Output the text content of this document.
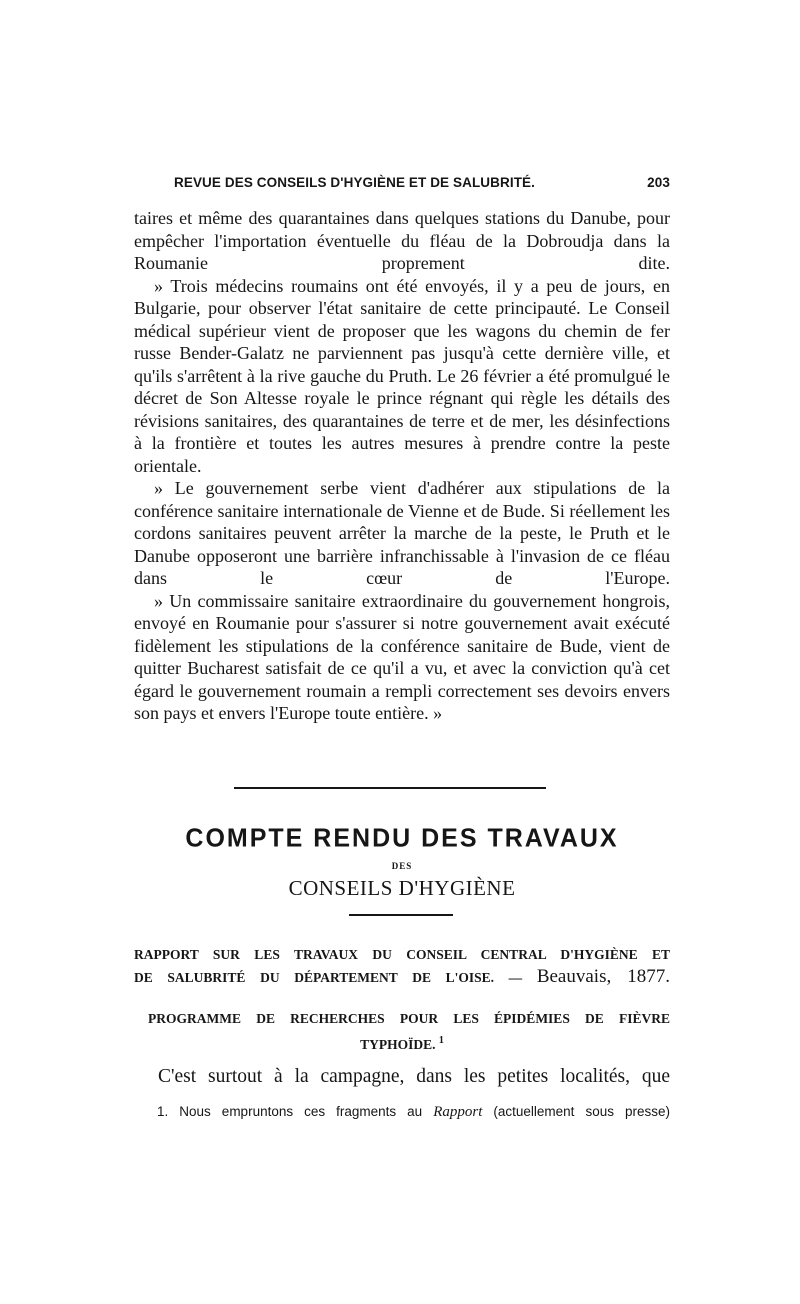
REVUE DES CONSEILS D'HYGIÈNE ET DE SALUBRITÉ.	203

taires et même des quarantaines dans quelques stations du Danube, pour empêcher l'importation éventuelle du fléau de la Dobroudja dans la Roumanie proprement dite.

» Trois médecins roumains ont été envoyés, il y a peu de jours, en Bulgarie, pour observer l'état sanitaire de cette principauté. Le Conseil médical supérieur vient de proposer que les wagons du chemin de fer russe Bender-Galatz ne parviennent pas jusqu'à cette dernière ville, et qu'ils s'arrêtent à la rive gauche du Pruth. Le 26 février a été promulgué le décret de Son Altesse royale le prince régnant qui règle les détails des révisions sanitaires, des quarantaines de terre et de mer, les désinfections à la frontière et toutes les autres mesures à prendre contre la peste orientale.

» Le gouvernement serbe vient d'adhérer aux stipulations de la conférence sanitaire internationale de Vienne et de Bude. Si réellement les cordons sanitaires peuvent arrêter la marche de la peste, le Pruth et le Danube opposeront une barrière infranchissable à l'invasion de ce fléau dans le cœur de l'Europe.

» Un commissaire sanitaire extraordinaire du gouvernement hongrois, envoyé en Roumanie pour s'assurer si notre gouvernement avait exécuté fidèlement les stipulations de la conférence sanitaire de Bude, vient de quitter Bucharest satisfait de ce qu'il a vu, et avec la conviction qu'à cet égard le gouvernement roumain a rempli correctement ses devoirs envers son pays et envers l'Europe toute entière. »

COMPTE RENDU DES TRAVAUX
DES
CONSEILS D'HYGIÈNE
RAPPORT SUR LES TRAVAUX DU CONSEIL CENTRAL D'HYGIÈNE ET
DE SALUBRITÉ DU DÉPARTEMENT DE L'OISE. — Beauvais, 1877.
PROGRAMME DE RECHERCHES POUR LES ÉPIDÉMIES DE FIÈVRE
TYPHOÏDE. $^1$
C'est surtout à la campagne, dans les petites localités, que
1. Nous empruntons ces fragments au Rapport (actuellement sous presse)
